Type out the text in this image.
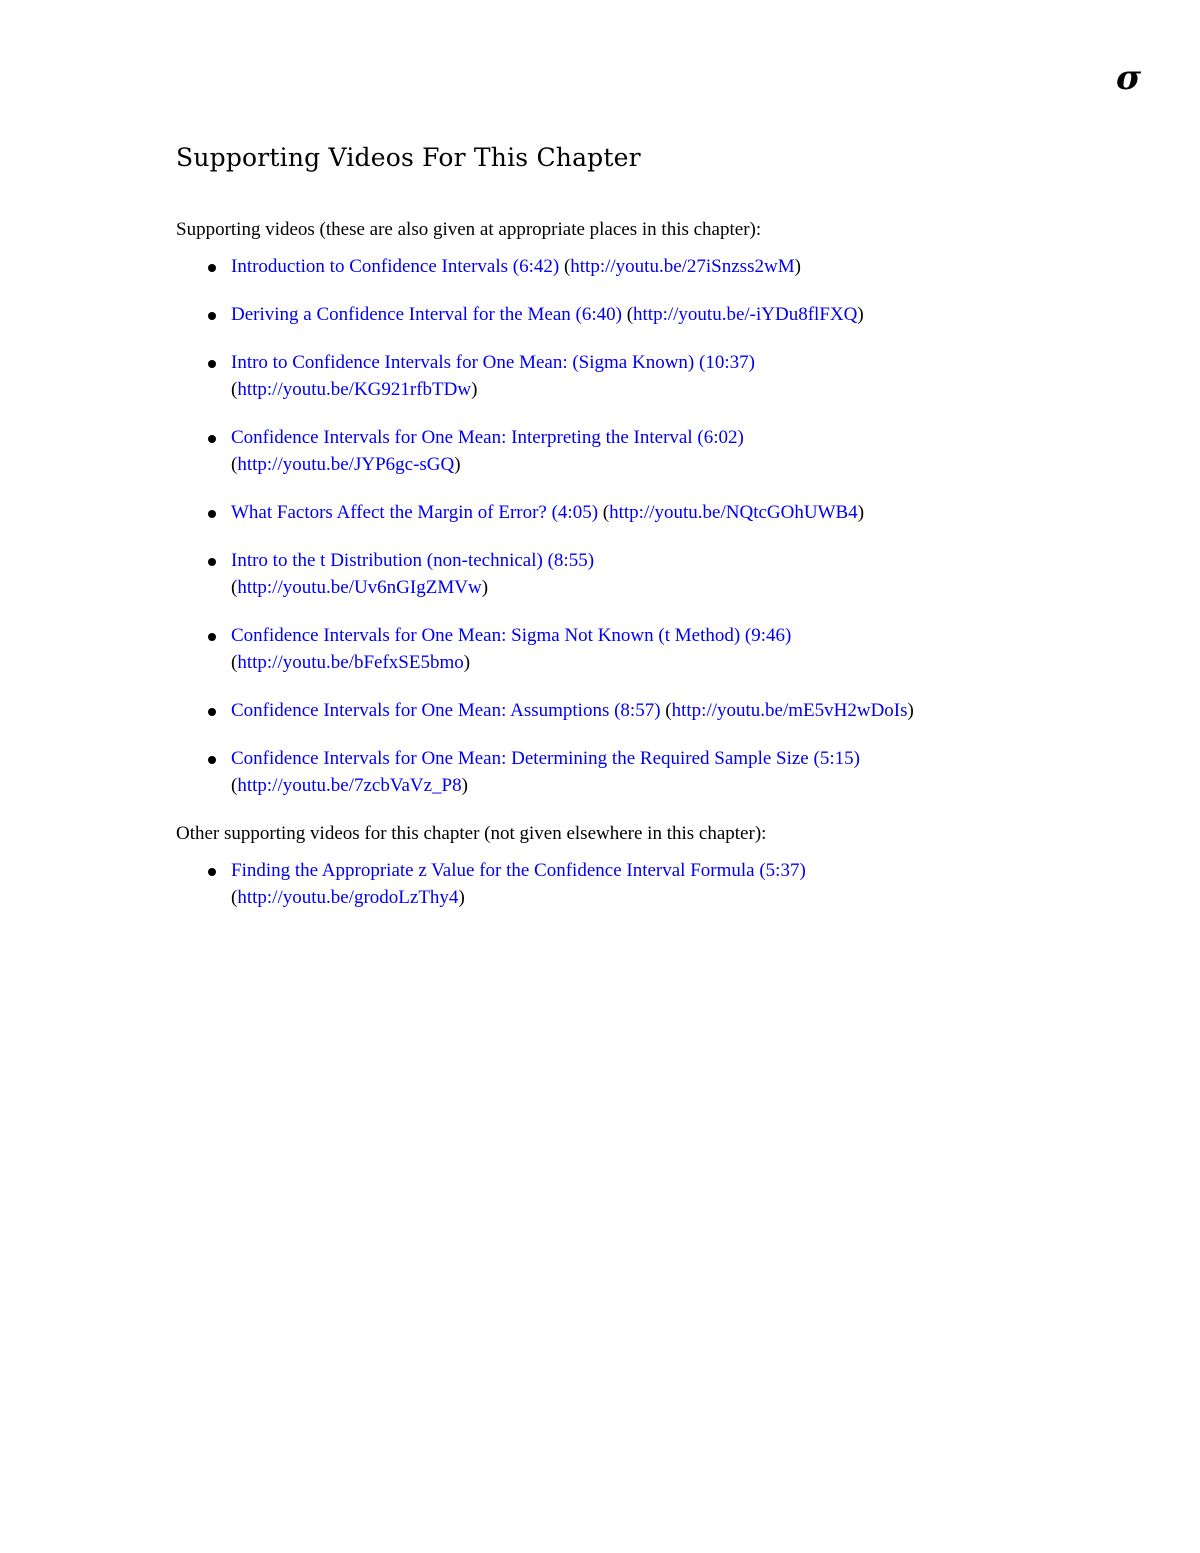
σ
Supporting Videos For This Chapter

Supporting videos (these are also given at appropriate places in this chapter):

Introduction to Confidence Intervals (6:42) (http://youtu.be/27iSnzss2wM)
Deriving a Confidence Interval for the Mean (6:40) (http://youtu.be/-iYDu8flFXQ)
Intro to Confidence Intervals for One Mean: (Sigma Known) (10:37)
(http://youtu.be/KG921rfbTDw)
Confidence Intervals for One Mean: Interpreting the Interval (6:02)
(http://youtu.be/JYP6gc-sGQ)
What Factors Affect the Margin of Error? (4:05) (http://youtu.be/NQtcGOhUWB4)
Intro to the t Distribution (non-technical) (8:55)
(http://youtu.be/Uv6nGIgZMVw)
Confidence Intervals for One Mean: Sigma Not Known (t Method) (9:46)
(http://youtu.be/bFefxSE5bmo)
Confidence Intervals for One Mean: Assumptions (8:57) (http://youtu.be/mE5vH2wDoIs)
Confidence Intervals for One Mean: Determining the Required Sample Size (5:15)
(http://youtu.be/7zcbVaVz_P8)

Other supporting videos for this chapter (not given elsewhere in this chapter):

Finding the Appropriate z Value for the Confidence Interval Formula (5:37)
(http://youtu.be/grodoLzThy4)
